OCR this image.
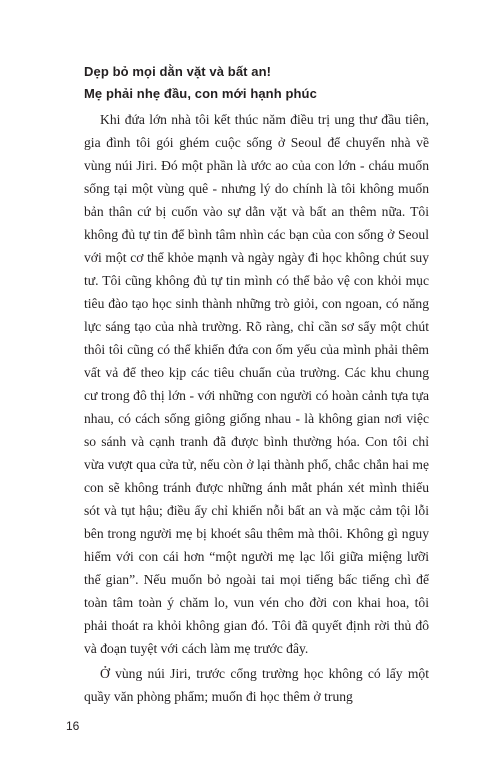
Dẹp bỏ mọi dằn vặt và bất an!
Mẹ phải nhẹ đầu, con mới hạnh phúc

Khi đứa lớn nhà tôi kết thúc năm điều trị ung thư đầu tiên, gia đình tôi gói ghém cuộc sống ở Seoul để chuyển nhà về vùng núi Jiri. Đó một phần là ước ao của con lớn - cháu muốn sống tại một vùng quê - nhưng lý do chính là tôi không muốn bản thân cứ bị cuốn vào sự dằn vặt và bất an thêm nữa. Tôi không đủ tự tin để bình tâm nhìn các bạn của con sống ở Seoul với một cơ thể khỏe mạnh và ngày ngày đi học không chút suy tư. Tôi cũng không đủ tự tin mình có thể bảo vệ con khỏi mục tiêu đào tạo học sinh thành những trò giỏi, con ngoan, có năng lực sáng tạo của nhà trường. Rõ ràng, chỉ cần sơ sẩy một chút thôi tôi cũng có thể khiến đứa con ốm yếu của mình phải thêm vất vả để theo kịp các tiêu chuẩn của trường. Các khu chung cư trong đô thị lớn - với những con người có hoàn cảnh tựa tựa nhau, có cách sống giông giống nhau - là không gian nơi việc so sánh và cạnh tranh đã được bình thường hóa. Con tôi chỉ vừa vượt qua cửa tử, nếu còn ở lại thành phố, chắc chắn hai mẹ con sẽ không tránh được những ánh mắt phán xét mình thiếu sót và tụt hậu; điều ấy chỉ khiến nỗi bất an và mặc cảm tội lỗi bên trong người mẹ bị khoét sâu thêm mà thôi. Không gì nguy hiểm với con cái hơn “một người mẹ lạc lối giữa miệng lưỡi thế gian”. Nếu muốn bỏ ngoài tai mọi tiếng bấc tiếng chì để toàn tâm toàn ý chăm lo, vun vén cho đời con khai hoa, tôi phải thoát ra khỏi không gian đó. Tôi đã quyết định rời thủ đô và đoạn tuyệt với cách làm mẹ trước đây.

Ở vùng núi Jiri, trước cổng trường học không có lấy một quầy văn phòng phẩm; muốn đi học thêm ở trung

16
